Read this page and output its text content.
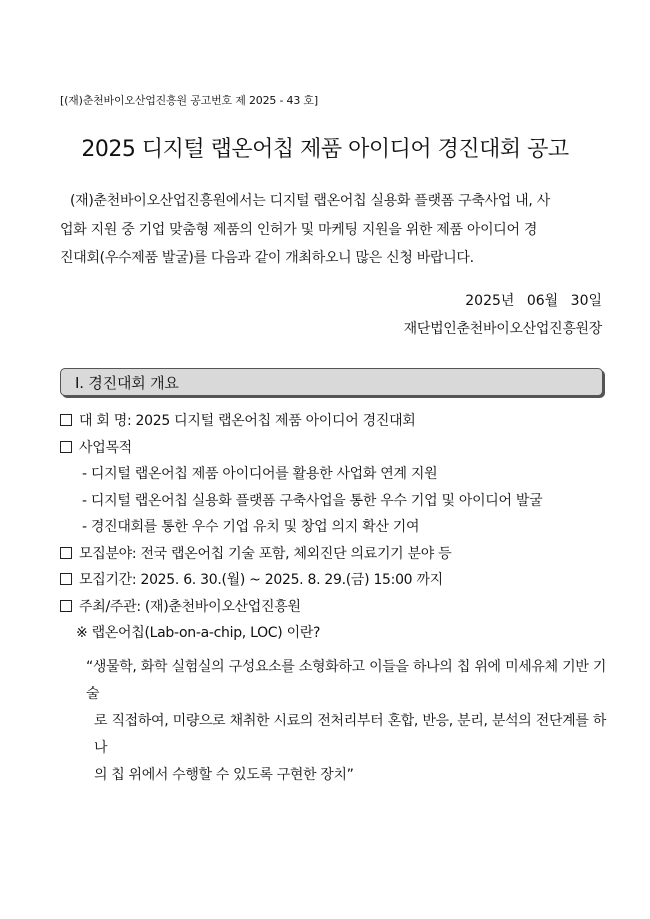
[(재)춘천바이오산업진흥원 공고번호 제 2025 - 43 호]
2025 디지털 랩온어칩 제품 아이디어 경진대회 공고

(재)춘천바이오산업진흥원에서는 디지털 랩온어칩 실용화 플랫폼 구축사업 내, 사

업화 지원 중 기업 맞춤형 제품의 인허가 및 마케팅 지원을 위한 제품 아이디어 경
진대회(우수제품 발굴)를 다음과 같이 개최하오니 많은 신청 바랍니다.
2025년 06월 30일
재단법인춘천바이오산업진흥원장
I. 경진대회 개요
대 회 명: 2025 디지털 랩온어칩 제품 아이디어 경진대회
사업목적
- 디지털 랩온어칩 제품 아이디어를 활용한 사업화 연계 지원
- 디지털 랩온어칩 실용화 플랫폼 구축사업을 통한 우수 기업 및 아이디어 발굴
- 경진대회를 통한 우수 기업 유치 및 창업 의지 확산 기여
모집분야: 전국 랩온어칩 기술 포함, 체외진단 의료기기 분야 등
모집기간: 2025. 6. 30.(월) ~ 2025. 8. 29.(금) 15:00 까지
주최/주관: (재)춘천바이오산업진흥원
※ 랩온어칩(Lab-on-a-chip, LOC) 이란?
“생물학, 화학 실험실의 구성요소를 소형화하고 이들을 하나의 칩 위에 미세유체 기반 기술
로 직접하여, 미량으로 채취한 시료의 전처리부터 혼합, 반응, 분리, 분석의 전단계를 하나
의 칩 위에서 수행할 수 있도록 구현한 장치”
